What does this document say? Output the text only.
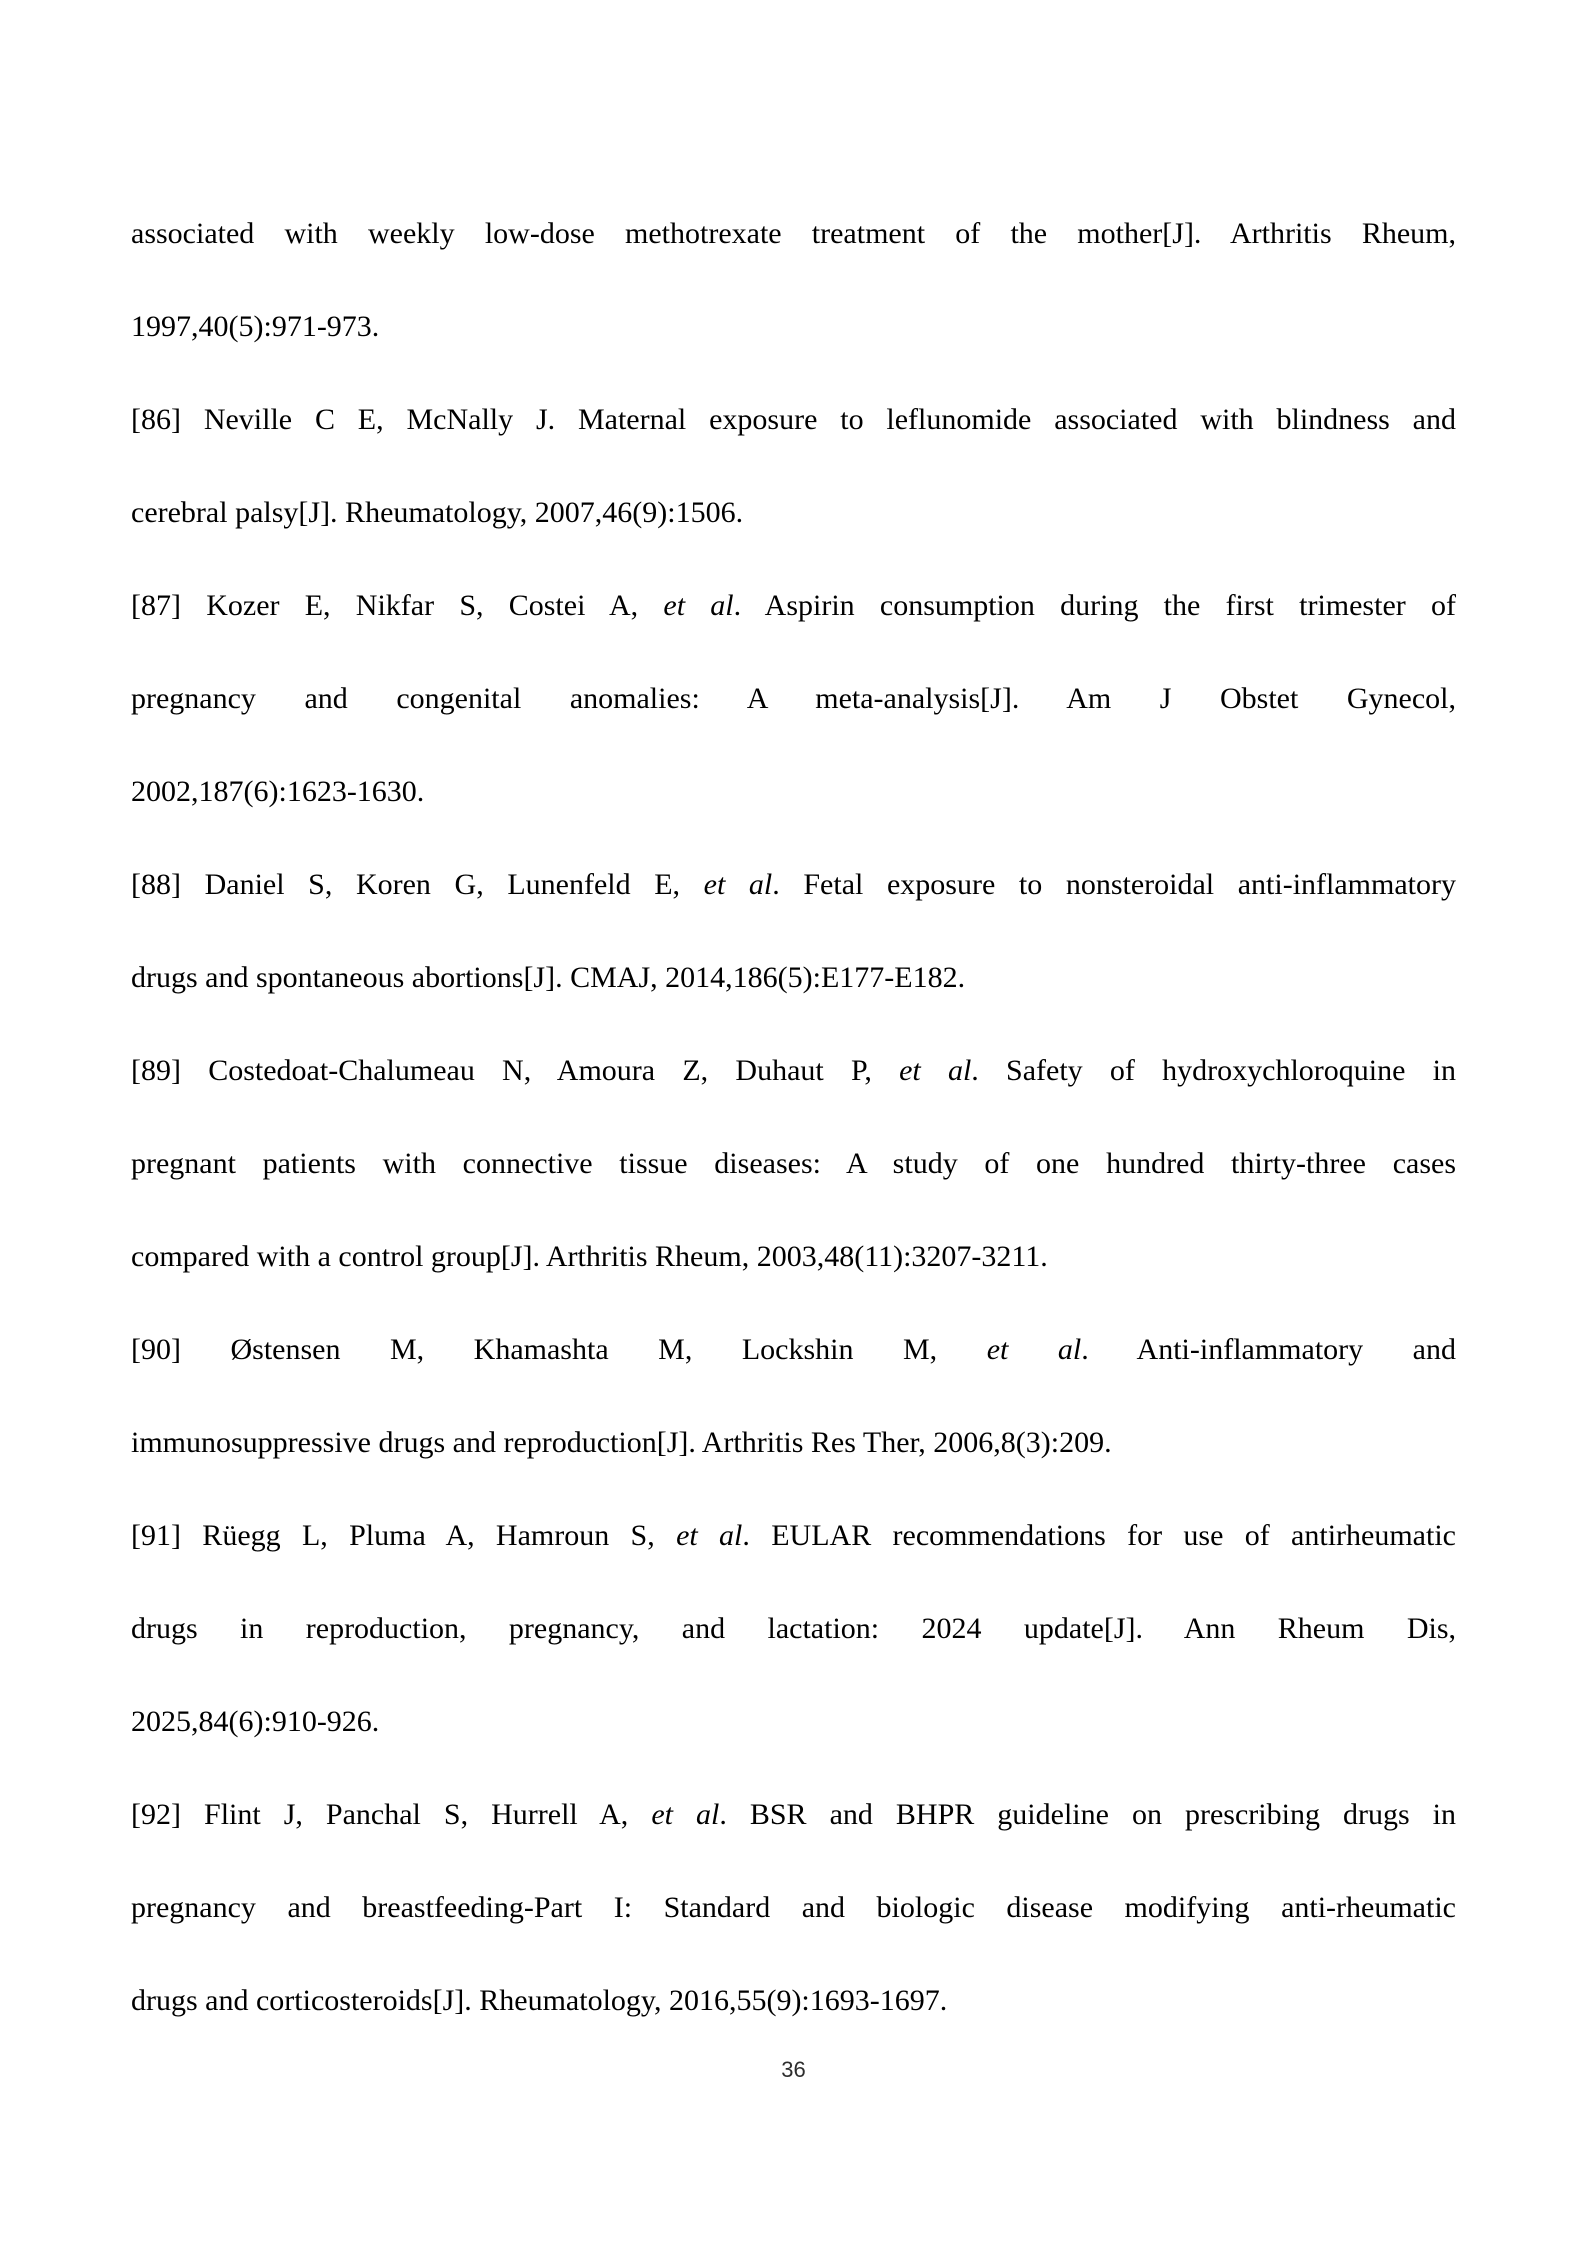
associated with weekly low-dose methotrexate treatment of the mother[J]. Arthritis Rheum,
1997,40(5):971-973.

[86] Neville C E, McNally J. Maternal exposure to leflunomide associated with blindness and
cerebral palsy[J]. Rheumatology, 2007,46(9):1506.

[87] Kozer E, Nikfar S, Costei A, et al. Aspirin consumption during the first trimester of
pregnancy and congenital anomalies: A meta-analysis[J]. Am J Obstet Gynecol,
2002,187(6):1623-1630.

[88] Daniel S, Koren G, Lunenfeld E, et al. Fetal exposure to nonsteroidal anti-inflammatory
drugs and spontaneous abortions[J]. CMAJ, 2014,186(5):E177-E182.

[89] Costedoat-Chalumeau N, Amoura Z, Duhaut P, et al. Safety of hydroxychloroquine in
pregnant patients with connective tissue diseases: A study of one hundred thirty-three cases
compared with a control group[J]. Arthritis Rheum, 2003,48(11):3207-3211.

[90] Østensen M, Khamashta M, Lockshin M, et al. Anti-inflammatory and
immunosuppressive drugs and reproduction[J]. Arthritis Res Ther, 2006,8(3):209.

[91] Rüegg L, Pluma A, Hamroun S, et al. EULAR recommendations for use of antirheumatic
drugs in reproduction, pregnancy, and lactation: 2024 update[J]. Ann Rheum Dis,
2025,84(6):910-926.

[92] Flint J, Panchal S, Hurrell A, et al. BSR and BHPR guideline on prescribing drugs in
pregnancy and breastfeeding-Part I: Standard and biologic disease modifying anti-rheumatic
drugs and corticosteroids[J]. Rheumatology, 2016,55(9):1693-1697.

36
